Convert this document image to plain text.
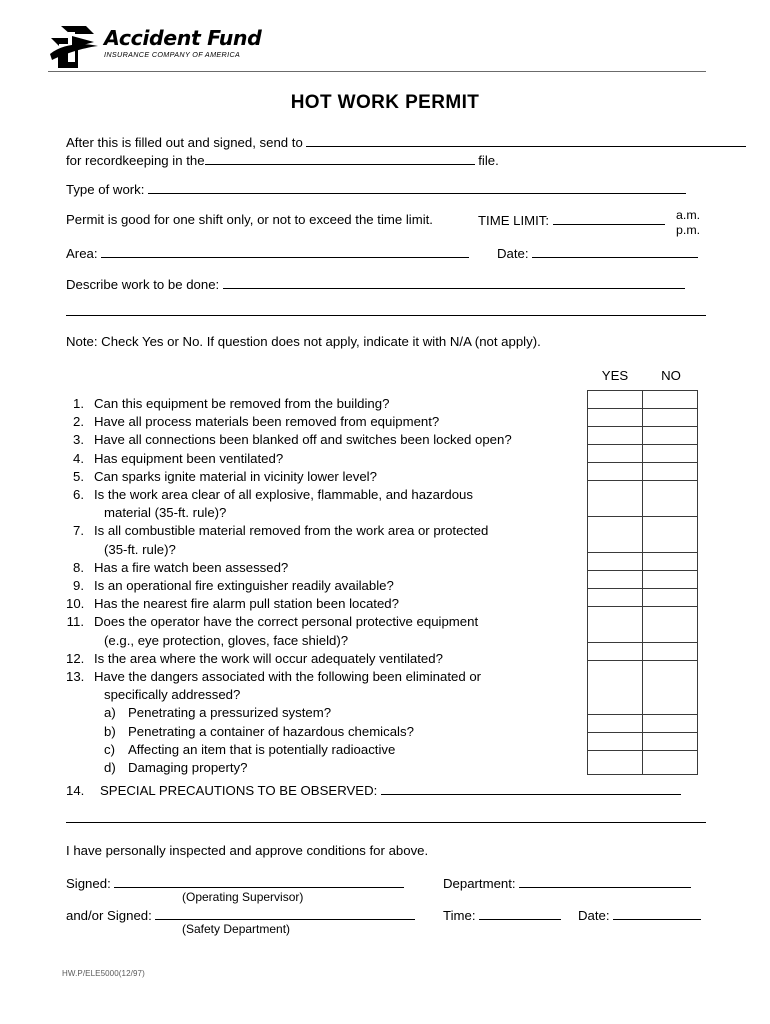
Accident Fund
INSURANCE COMPANY OF AMERICA
HOT WORK PERMIT
After this is filled out and signed, send to
for recordkeeping in the	file.
Type of work:
Permit is good for one shift only, or not to exceed the time limit.	TIME LIMIT:	a.m.
p.m.
Area:	Date:
Describe work to be done:
Note: Check Yes or No. If question does not apply, indicate it with N/A (not apply).
YES	NO

1. Can this equipment be removed from the building?
2. Have all process materials been removed from equipment?
3. Have all connections been blanked off and switches been locked open?
4. Has equipment been ventilated?
5. Can sparks ignite material in vicinity lower level?
6. Is the work area clear of all explosive, flammable, and hazardous
material (35-ft. rule)?
7. Is all combustible material removed from the work area or protected
(35-ft. rule)?
8. Has a fire watch been assessed?
9. Is an operational fire extinguisher readily available?
10. Has the nearest fire alarm pull station been located?
11. Does the operator have the correct personal protective equipment
(e.g., eye protection, gloves, face shield)?
12. Is the area where the work will occur adequately ventilated?
13. Have the dangers associated with the following been eliminated or
specifically addressed?
a) Penetrating a pressurized system?
b) Penetrating a container of hazardous chemicals?
c) Affecting an item that is potentially radioactive
d) Damaging property?
14.	SPECIAL PRECAUTIONS TO BE OBSERVED:
I have personally inspected and approve conditions for above.
Signed:
(Operating Supervisor)
Department:
and/or Signed:
(Safety Department)
Time:	Date:
HW.P/ELE5000(12/97)
